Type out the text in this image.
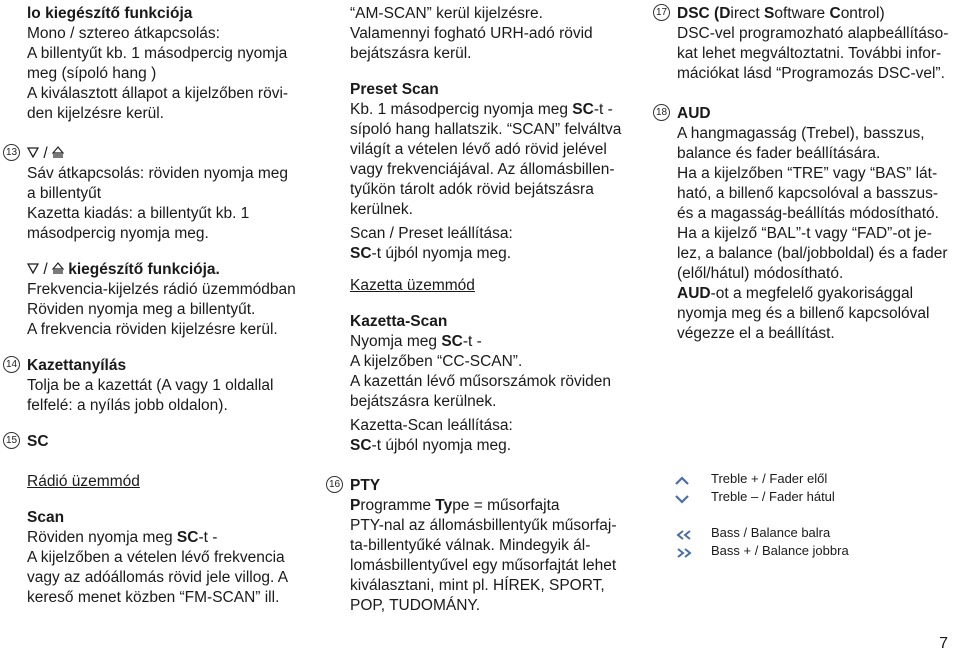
lo kiegészítő funkciója

Mono / sztereo átkapcsolás:

A billentyűt kb. 1 másodpercig nyomja

meg (sípoló hang )

A kiválasztott állapot a kijelzőben rövi-

den kijelzésre kerül.

13	/

Sáv átkapcsolás: röviden nyomja meg

a billentyűt

Kazetta kiadás: a billentyűt kb. 1

másodpercig nyomja meg.

/  kiegészítő funkciója.

Frekvencia-kijelzés rádió üzemmódban

Röviden nyomja meg a billentyűt.

A frekvencia röviden kijelzésre kerül.

14 Kazettanyílás

Tolja be a kazettát (A vagy 1 oldallal

felfelé: a nyílás jobb oldalon).

15 SC

Rádió üzemmód

Scan

Röviden nyomja meg SC-t -

A kijelzőben a vételen lévő frekvencia

vagy az adóállomás rövid jele villog. A

kereső menet közben “FM-SCAN” ill.

“AM-SCAN” kerül kijelzésre.

Valamennyi fogható URH-adó rövid

bejátszásra kerül.

Preset Scan

Kb. 1 másodpercig nyomja meg SC-t -

sípoló hang hallatszik. “SCAN” felváltva

világít a vételen lévő adó rövid jelével

vagy frekvenciájával. Az állomásbillen-

tyűkön tárolt adók rövid bejátszásra

kerülnek.

Scan / Preset leállítása:

SC-t újból nyomja meg.

Kazetta üzemmód

Kazetta-Scan

Nyomja meg SC-t -

A kijelzőben “CC-SCAN”.

A kazettán lévő műsorszámok röviden

bejátszásra kerülnek.

Kazetta-Scan leállítása:

SC-t újból nyomja meg.

16 PTY

Programme Type = műsorfajta

PTY-nal az állomásbillentyűk műsorfaj-

ta-billentyűké válnak. Mindegyik ál-

lomásbillentyűvel egy műsorfajtát lehet

kiválasztani, mint pl. HÍREK, SPORT,

POP, TUDOMÁNY.

17 DSC (Direct Software Control)

DSC-vel programozható alapbeállításo-

kat lehet megváltoztatni. További infor-

mációkat lásd “Programozás DSC-vel”.

18 AUD

A hangmagasság (Trebel), basszus,

balance és fader beállítására.

Ha a kijelzőben “TRE” vagy “BAS” lát-

ható, a billenő kapcsolóval a basszus-

és a magasság-beállítás módosítható.

Ha a kijelző “BAL”-t vagy “FAD”-ot je-

lez, a balance (bal/jobboldal) és a fader

(elől/hátul) módosítható.

AUD-ot a megfelelő gyakorisággal

nyomja meg és a billenő kapcsolóval

végezze el a beállítást.

Treble + / Fader elől
Treble – / Fader hátul
Bass / Balance balra
Bass + / Balance jobbra
7
